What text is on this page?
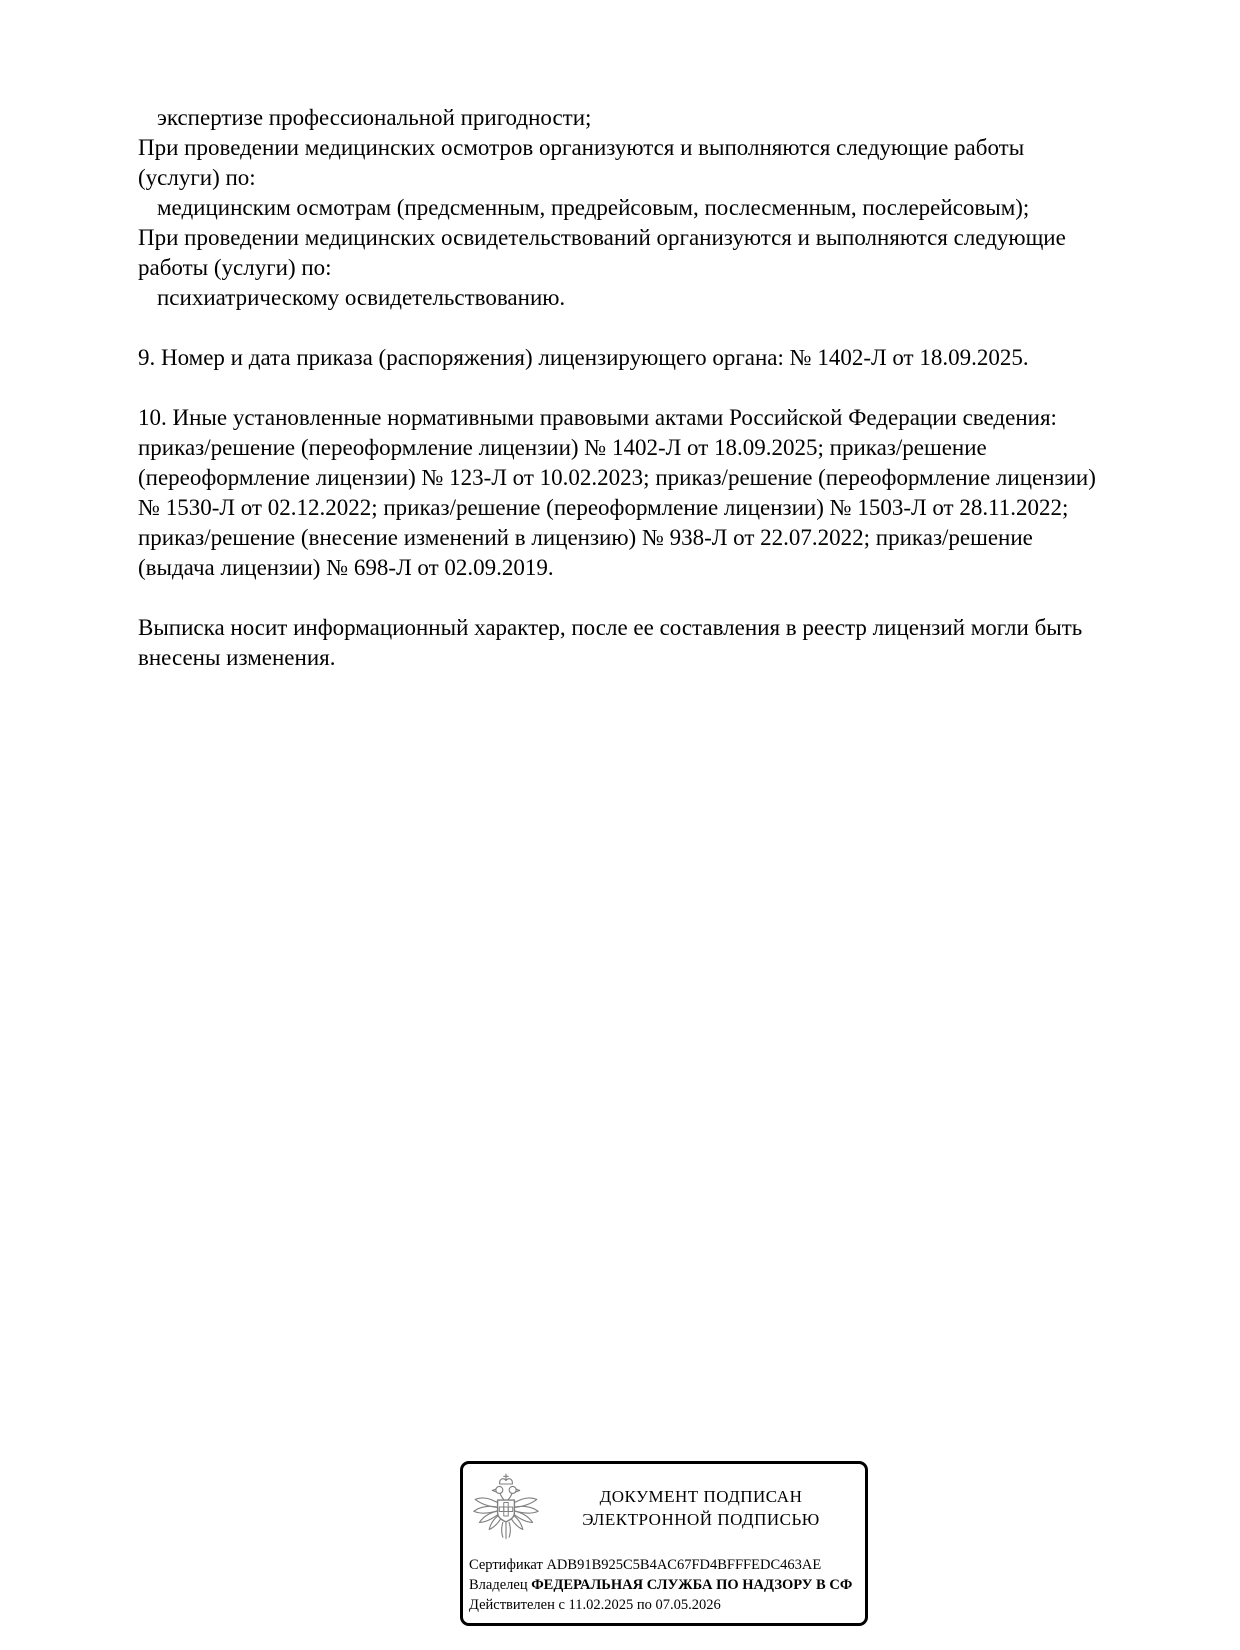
экспертизе профессиональной пригодности;
При проведении медицинских осмотров организуются и выполняются следующие работы
(услуги) по:
медицинским осмотрам (предсменным, предрейсовым, послесменным, послерейсовым);
При проведении медицинских освидетельствований организуются и выполняются следующие
работы (услуги) по:
психиатрическому освидетельствованию.
9. Номер и дата приказа (распоряжения) лицензирующего органа: № 1402-Л от 18.09.2025.
10. Иные установленные нормативными правовыми актами Российской Федерации сведения:
приказ/решение (переоформление лицензии) № 1402-Л от 18.09.2025; приказ/решение
(переоформление лицензии) № 123-Л от 10.02.2023; приказ/решение (переоформление лицензии)
№ 1530-Л от 02.12.2022; приказ/решение (переоформление лицензии) № 1503-Л от 28.11.2022;
приказ/решение (внесение изменений в лицензию) № 938-Л от 22.07.2022; приказ/решение
(выдача лицензии) № 698-Л от 02.09.2019.
Выписка носит информационный характер, после ее составления в реестр лицензий могли быть
внесены изменения.
ДОКУМЕНТ ПОДПИСАН
ЭЛЕКТРОННОЙ ПОДПИСЬЮ
Сертификат ADB91B925C5B4AC67FD4BFFFEDC463AE
Владелец ФЕДЕРАЛЬНАЯ СЛУЖБА ПО НАДЗОРУ В СФ
Действителен с 11.02.2025 по 07.05.2026
